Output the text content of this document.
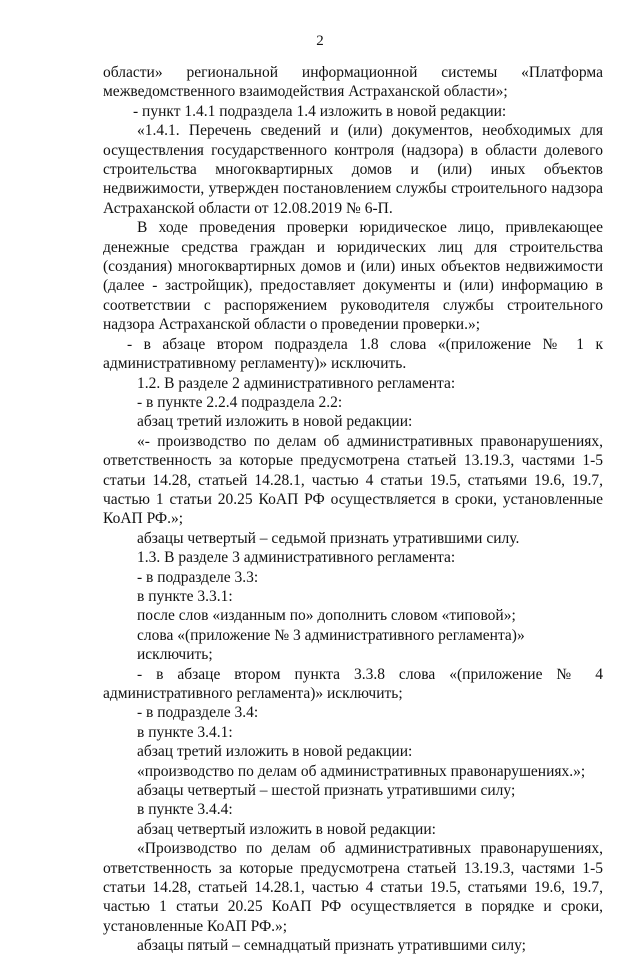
2

области» региональной информационной системы «Платформа межведомственного взаимодействия Астраханской области»;

- пункт 1.4.1 подраздела 1.4 изложить в новой редакции:

«1.4.1. Перечень сведений и (или) документов, необходимых для осуществления государственного контроля (надзора) в области долевого строительства многоквартирных домов и (или) иных объектов недвижимости, утвержден постановлением службы строительного надзора Астраханской области от 12.08.2019 № 6-П.

В ходе проведения проверки юридическое лицо, привлекающее денежные средства граждан и юридических лиц для строительства (создания) многоквартирных домов и (или) иных объектов недвижимости (далее - застройщик), предоставляет документы и (или) информацию в соответствии с распоряжением руководителя службы строительного надзора Астраханской области о проведении проверки.»;

- в абзаце втором подраздела 1.8 слова «(приложение № 1 к административному регламенту)» исключить.

1.2. В разделе 2 административного регламента:

- в пункте 2.2.4 подраздела 2.2:

абзац третий изложить в новой редакции:

«- производство по делам об административных правонарушениях, ответственность за которые предусмотрена статьей 13.19.3, частями 1-5 статьи 14.28, статьей 14.28.1, частью 4 статьи 19.5, статьями 19.6, 19.7, частью 1 статьи 20.25 КоАП РФ осуществляется в сроки, установленные КоАП РФ.»;

абзацы четвертый – седьмой признать утратившими силу.

1.3. В разделе 3 административного регламента:

- в подразделе 3.3:

в пункте 3.3.1:

после слов «изданным по» дополнить словом «типовой»;

слова «(приложение № 3 административного регламента)» исключить;

- в абзаце втором пункта 3.3.8 слова «(приложение № 4 административного регламента)» исключить;

- в подразделе 3.4:

в пункте 3.4.1:

абзац третий изложить в новой редакции:

«производство по делам об административных правонарушениях.»;

абзацы четвертый – шестой признать утратившими силу;

в пункте 3.4.4:

абзац четвертый изложить в новой редакции:

«Производство по делам об административных правонарушениях, ответственность за которые предусмотрена статьей 13.19.3, частями 1-5 статьи 14.28, статьей 14.28.1, частью 4 статьи 19.5, статьями 19.6, 19.7, частью 1 статьи 20.25 КоАП РФ осуществляется в порядке и сроки, установленные КоАП РФ.»;

абзацы пятый – семнадцатый признать утратившими силу;
